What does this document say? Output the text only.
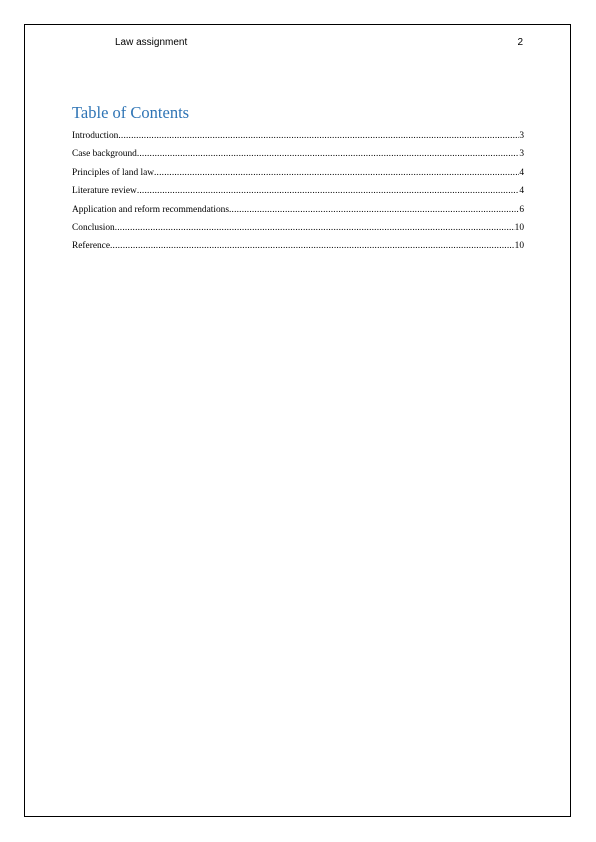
Law assignment	2
Table of Contents
Introduction .....	3
Case background .....	3
Principles of land law .....	4
Literature review .....	4
Application and reform recommendations .....	6
Conclusion .....	10
Reference .....	10
